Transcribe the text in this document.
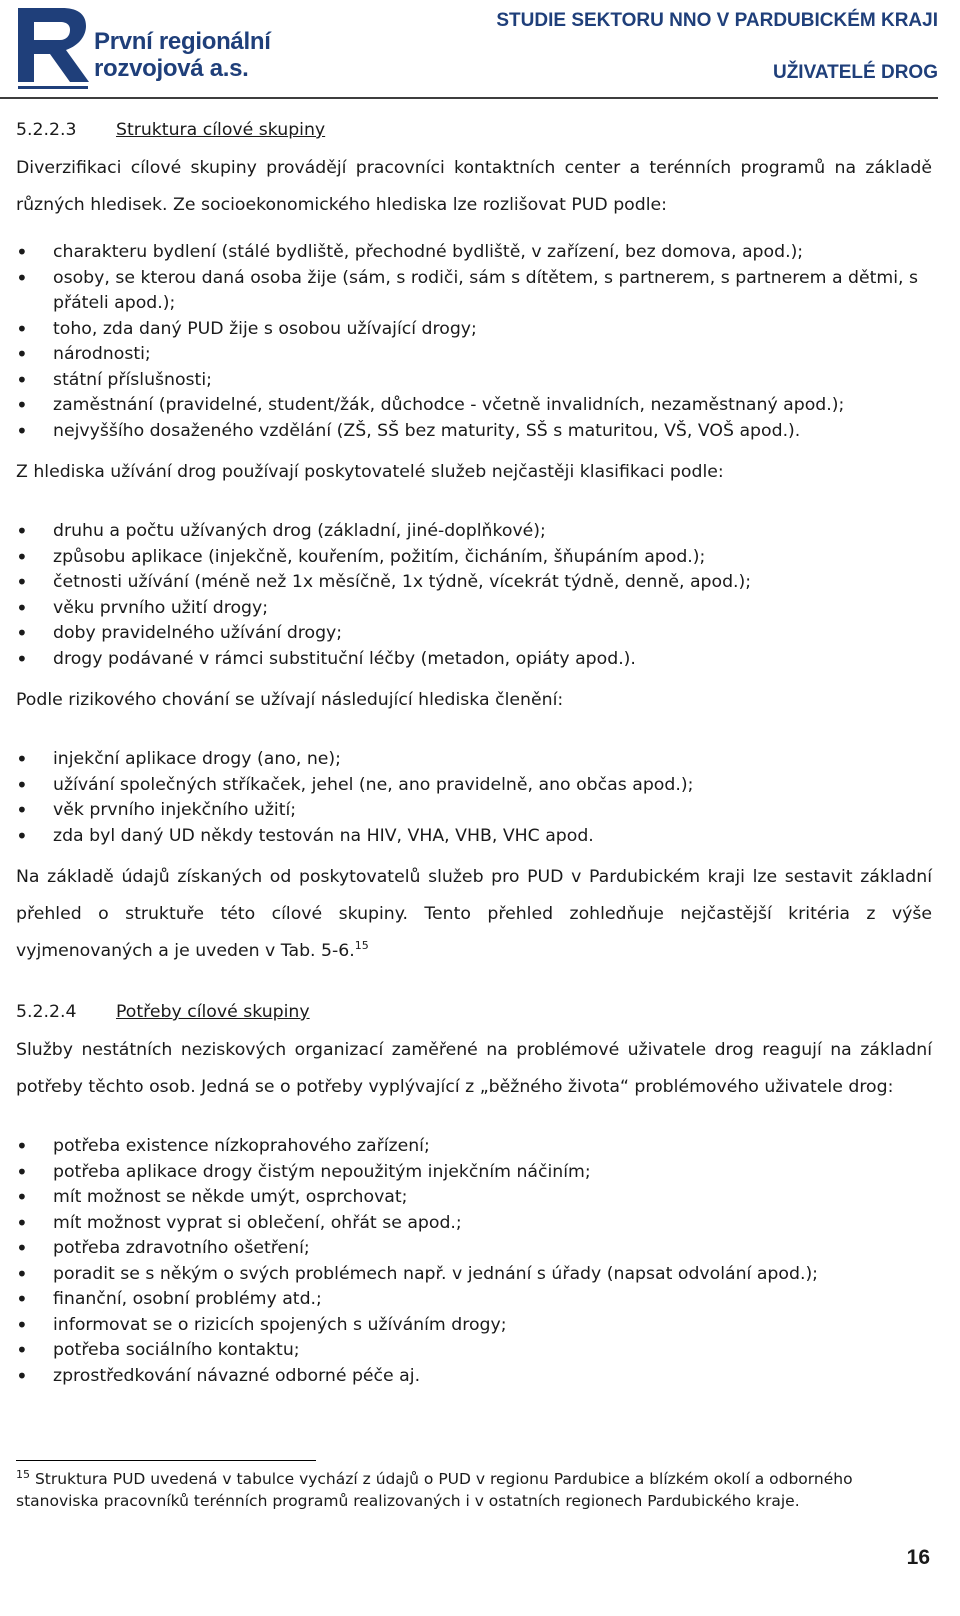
První regionální
rozvojová a.s.
STUDIE SEKTORU NNO V PARDUBICKÉM KRAJI
UŽIVATELÉ DROG
5.2.2.3	Struktura cílové skupiny

Diverzifikaci cílové skupiny provádějí pracovníci kontaktních center a terénních programů na základě různých hledisek. Ze socioekonomického hlediska lze rozlišovat PUD podle:

• charakteru bydlení (stálé bydliště, přechodné bydliště, v zařízení, bez domova, apod.);
• osoby, se kterou daná osoba žije (sám, s rodiči, sám s dítětem, s partnerem, s partnerem a dětmi, s přáteli apod.);
• toho, zda daný PUD žije s osobou užívající drogy;
• národnosti;
• státní příslušnosti;
• zaměstnání (pravidelné, student/žák, důchodce - včetně invalidních, nezaměstnaný apod.);
• nejvyššího dosaženého vzdělání (ZŠ, SŠ bez maturity, SŠ s maturitou, VŠ, VOŠ apod.).

Z hlediska užívání drog používají poskytovatelé služeb nejčastěji klasifikaci podle:

• druhu a počtu užívaných drog (základní, jiné-doplňkové);
• způsobu aplikace (injekčně, kouřením, požitím, čicháním, šňupáním apod.);
• četnosti užívání (méně než 1x měsíčně, 1x týdně, vícekrát týdně, denně, apod.);
• věku prvního užití drogy;
• doby pravidelného užívání drogy;
• drogy podávané v rámci substituční léčby (metadon, opiáty apod.).

Podle rizikového chování se užívají následující hlediska členění:

• injekční aplikace drogy (ano, ne);
• užívání společných stříkaček, jehel (ne, ano pravidelně, ano občas apod.);
• věk prvního injekčního užití;
• zda byl daný UD někdy testován na HIV, VHA, VHB, VHC apod.

Na základě údajů získaných od poskytovatelů služeb pro PUD v Pardubickém kraji lze sestavit základní přehled o struktuře této cílové skupiny. Tento přehled zohledňuje nejčastější kritéria z výše vyjmenovaných a je uveden v Tab. 5-6.15

5.2.2.4	Potřeby cílové skupiny

Služby nestátních neziskových organizací zaměřené na problémové uživatele drog reagují na základní potřeby těchto osob. Jedná se o potřeby vyplývající z „běžného života“ problémového uživatele drog:

• potřeba existence nízkoprahového zařízení;
• potřeba aplikace drogy čistým nepoužitým injekčním náčiním;
• mít možnost se někde umýt, osprchovat;
• mít možnost vyprat si oblečení, ohřát se apod.;
• potřeba zdravotního ošetření;
• poradit se s někým o svých problémech např. v jednání s úřady (napsat odvolání apod.);
• finanční, osobní problémy atd.;
• informovat se o rizicích spojených s užíváním drogy;
• potřeba sociálního kontaktu;
• zprostředkování návazné odborné péče aj.
$^{15}$ Struktura PUD uvedená v tabulce vychází z údajů o PUD v regionu Pardubice a blízkém okolí a odborného stanoviska pracovníků terénních programů realizovaných i v ostatních regionech Pardubického kraje.
16
